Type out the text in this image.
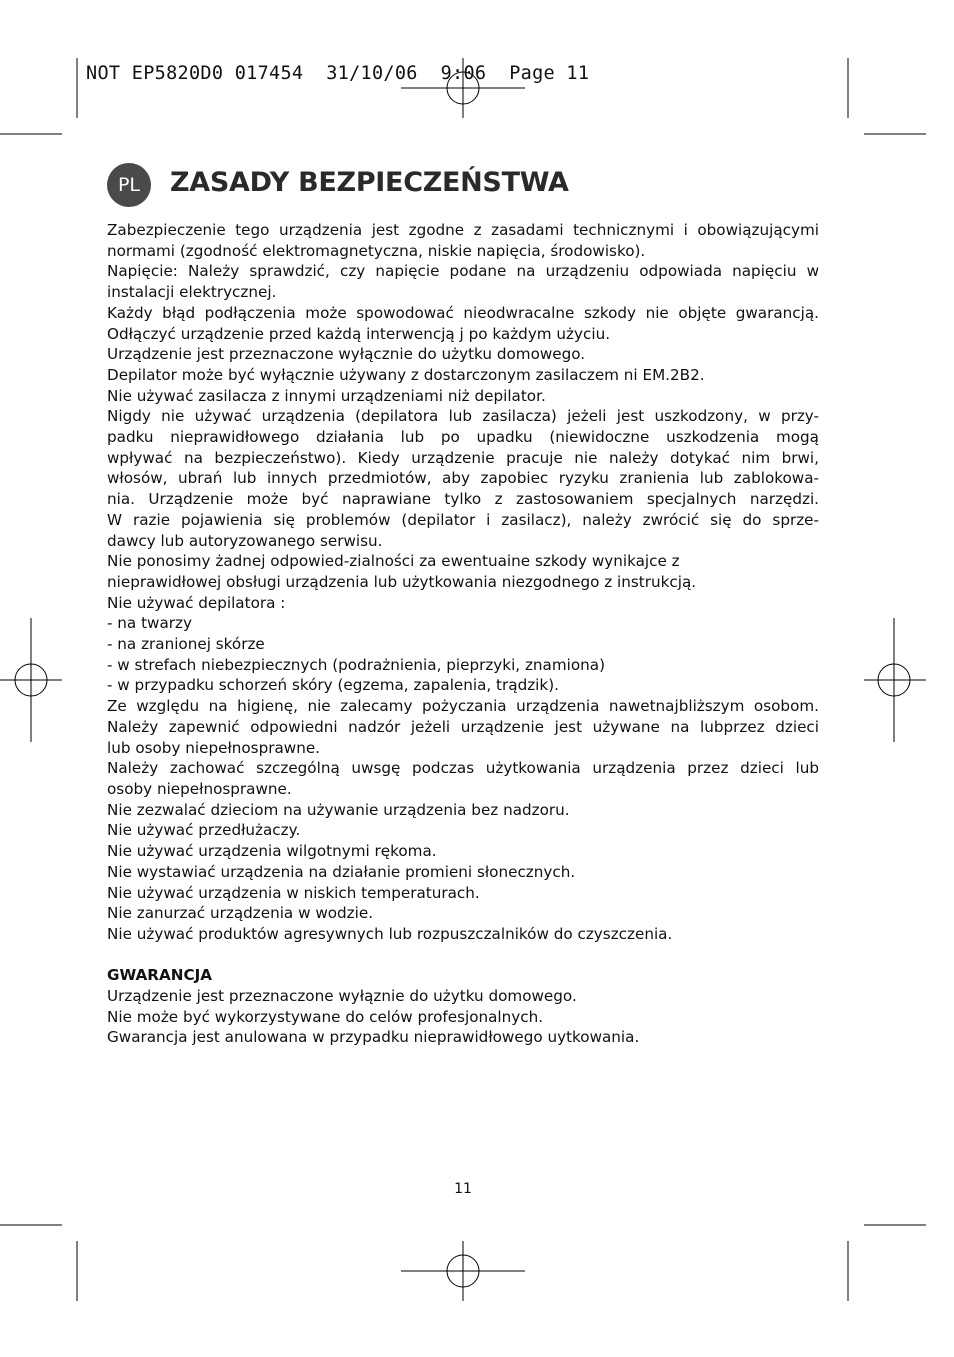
NOT EP5820D0 017454  31/10/06  9:06  Page 11
PL	ZASADY BEZPIECZEŃSTWA

Zabezpieczenie tego urządzenia jest zgodne z zasadami technicznymi i obowiązującymi

normami (zgodność elektromagnetyczna, niskie napięcia, środowisko).

Napięcie: Należy sprawdzić, czy napięcie podane na urządzeniu odpowiada napięciu w

instalacji elektrycznej.

Każdy błąd podłączenia może spowodować nieodwracalne szkody nie objęte gwarancją.

Odłączyć urządzenie przed każdą interwencją j po każdym użyciu.

Urządzenie jest przeznaczone wyłącznie do użytku domowego.

Depilator może być wyłącznie używany z dostarczonym zasilaczem ni EM.2B2.

Nie używać zasilacza z innymi urządzeniami niż depilator.

Nigdy nie używać urządzenia (depilatora lub zasilacza) jeżeli jest uszkodzony, w przy-

padku nieprawidłowego działania lub po upadku (niewidoczne uszkodzenia mogą

wpływać na bezpieczeństwo). Kiedy urządzenie pracuje nie należy dotykać nim brwi,

włosów, ubrań lub innych przedmiotów, aby zapobiec ryzyku zranienia lub zablokowa-

nia. Urządzenie może być naprawiane tylko z zastosowaniem specjalnych narzędzi.

W razie pojawienia się problemów (depilator i zasilacz), należy zwrócić się do sprze-

dawcy lub autoryzowanego serwisu.

Nie ponosimy żadnej odpowied-zialności za ewentuaine szkody wynikajce z

nieprawidłowej obsługi urządzenia lub użytkowania niezgodnego z instrukcją.

Nie używać depilatora :

- na twarzy

- na zranionej skórze

- w strefach niebezpiecznych (podrażnienia, pieprzyki, znamiona)

- w przypadku schorzeń skóry (egzema, zapalenia, trądzik).

Ze względu na higienę, nie zalecamy pożyczania urządzenia nawetnajbliższym osobom.

Należy zapewnić odpowiedni nadzór jeżeli urządzenie jest używane na lubprzez dzieci

lub osoby niepełnosprawne.

Należy zachować szczególną uwsgę podczas użytkowania urządzenia przez dzieci lub

osoby niepełnosprawne.

Nie zezwalać dzieciom na używanie urządzenia bez nadzoru.

Nie używać przedłużaczy.

Nie używać urządzenia wilgotnymi rękoma.

Nie wystawiać urządzenia na działanie promieni słonecznych.

Nie używać urządzenia w niskich temperaturach.

Nie zanurzać urządzenia w wodzie.

Nie używać produktów agresywnych lub rozpuszczalników do czyszczenia.

GWARANCJA

Urządzenie jest przeznaczone wyłąznie do użytku domowego.

Nie może być wykorzystywane do celów profesjonalnych.

Gwarancja jest anulowana w przypadku nieprawidłowego uytkowania.

11
